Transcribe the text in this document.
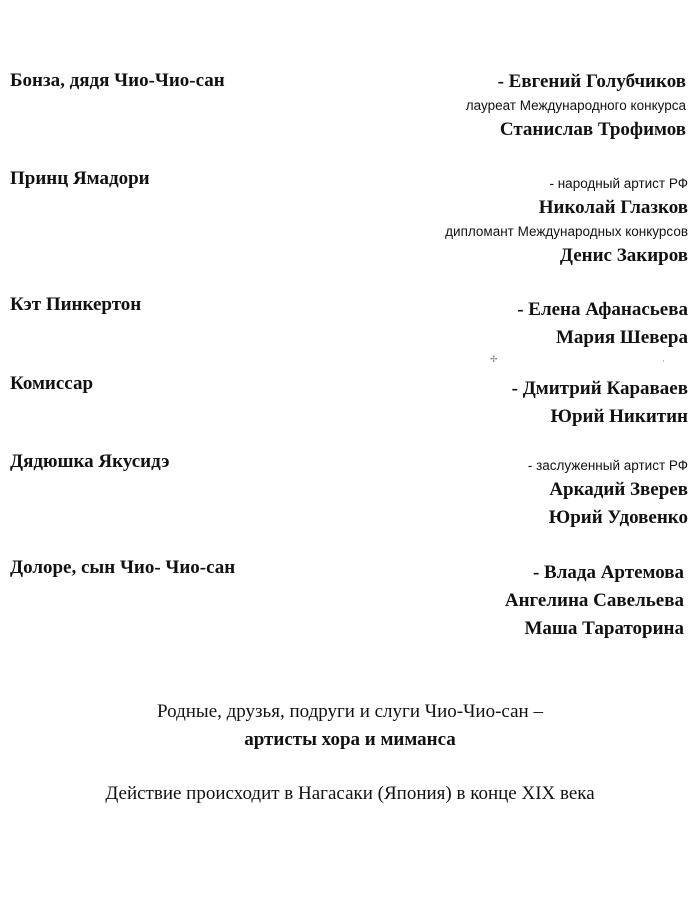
Бонза, дядя Чио-Чио-сан	- Евгений Голубчиков
лауреат Международного конкурса
Станислав Трофимов
Принц Ямадори	- народный артист РФ
Николай Глазков
дипломант Международных конкурсов
Денис Закиров
Кэт Пинкертон	- Елена Афанасьева
Мария Шевера
Комиссар	- Дмитрий Караваев
Юрий Никитин
Дядюшка Якусидэ	- заслуженный артист РФ
Аркадий Зверев
Юрий Удовенко
Долоре, сын Чио- Чио-сан	- Влада Артемова
Ангелина Савельева
Маша Тараторина
✢	·
Родные, друзья, подруги и слуги Чио-Чио-сан –
артисты хора и миманса
Действие происходит в Нагасаки (Япония) в конце XIX века
